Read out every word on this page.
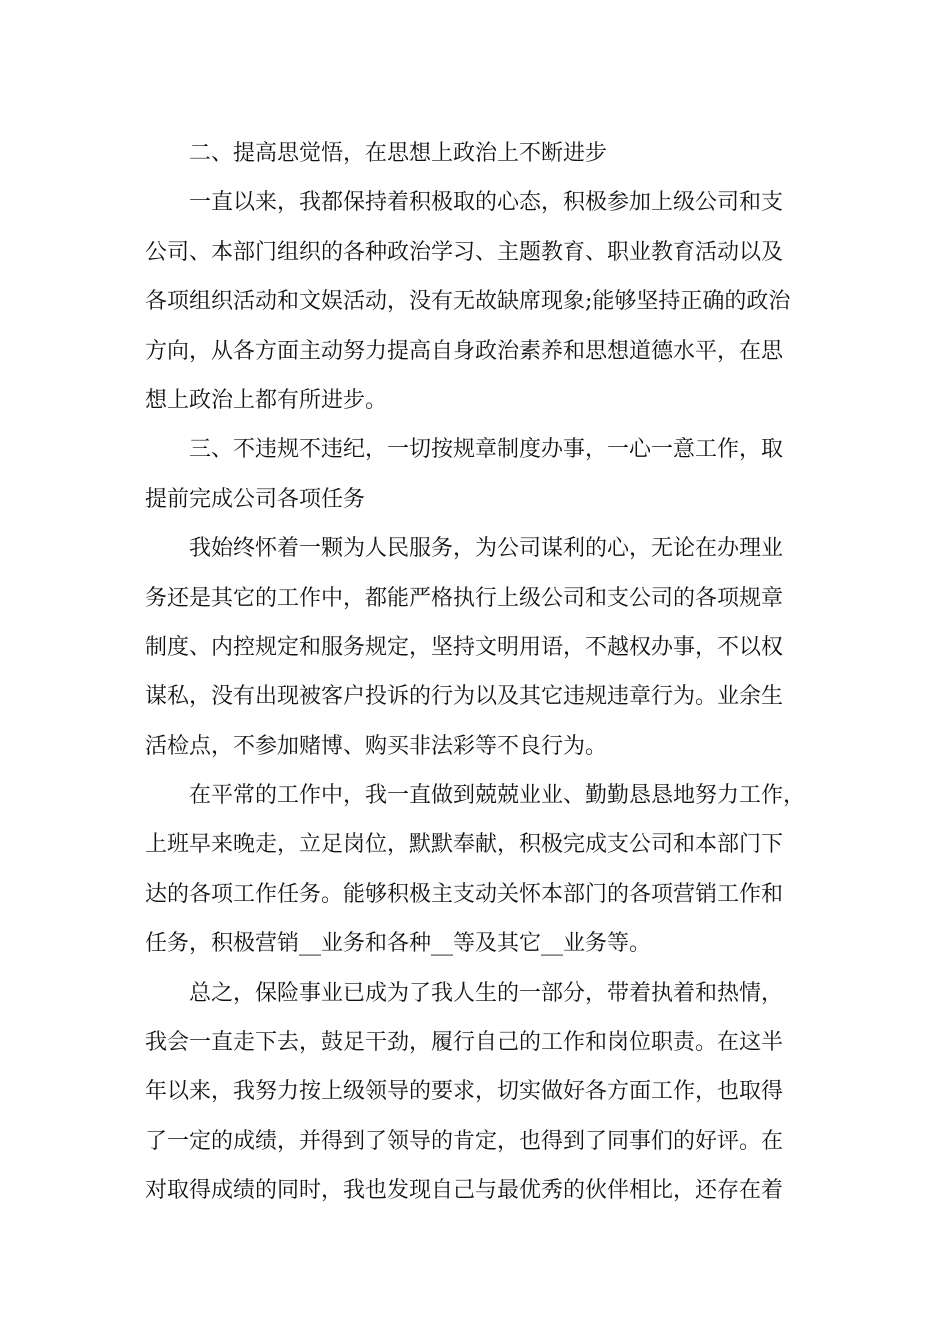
二、提高思觉悟，在思想上政治上不断进步
一直以来，我都保持着积极取的心态，积极参加上级公司和支
公司、本部门组织的各种政治学习、主题教育、职业教育活动以及
各项组织活动和文娱活动，没有无故缺席现象;能够坚持正确的政治
方向，从各方面主动努力提高自身政治素养和思想道德水平，在思
想上政治上都有所进步。
三、不违规不违纪，一切按规章制度办事，一心一意工作，取
提前完成公司各项任务
我始终怀着一颗为人民服务，为公司谋利的心，无论在办理业
务还是其它的工作中，都能严格执行上级公司和支公司的各项规章
制度、内控规定和服务规定，坚持文明用语，不越权办事，不以权
谋私，没有出现被客户投诉的行为以及其它违规违章行为。业余生
活检点，不参加赌博、购买非法彩等不良行为。
在平常的工作中，我一直做到兢兢业业、勤勤恳恳地努力工作，
上班早来晚走，立足岗位，默默奉献，积极完成支公司和本部门下
达的各项工作任务。能够积极主支动关怀本部门的各项营销工作和
任务，积极营销__业务和各种__等及其它__业务等。
总之，保险事业已成为了我人生的一部分，带着执着和热情，
我会一直走下去，鼓足干劲，履行自己的工作和岗位职责。在这半
年以来，我努力按上级领导的要求，切实做好各方面工作，也取得
了一定的成绩，并得到了领导的肯定，也得到了同事们的好评。在
对取得成绩的同时，我也发现自己与最优秀的伙伴相比，还存在着
